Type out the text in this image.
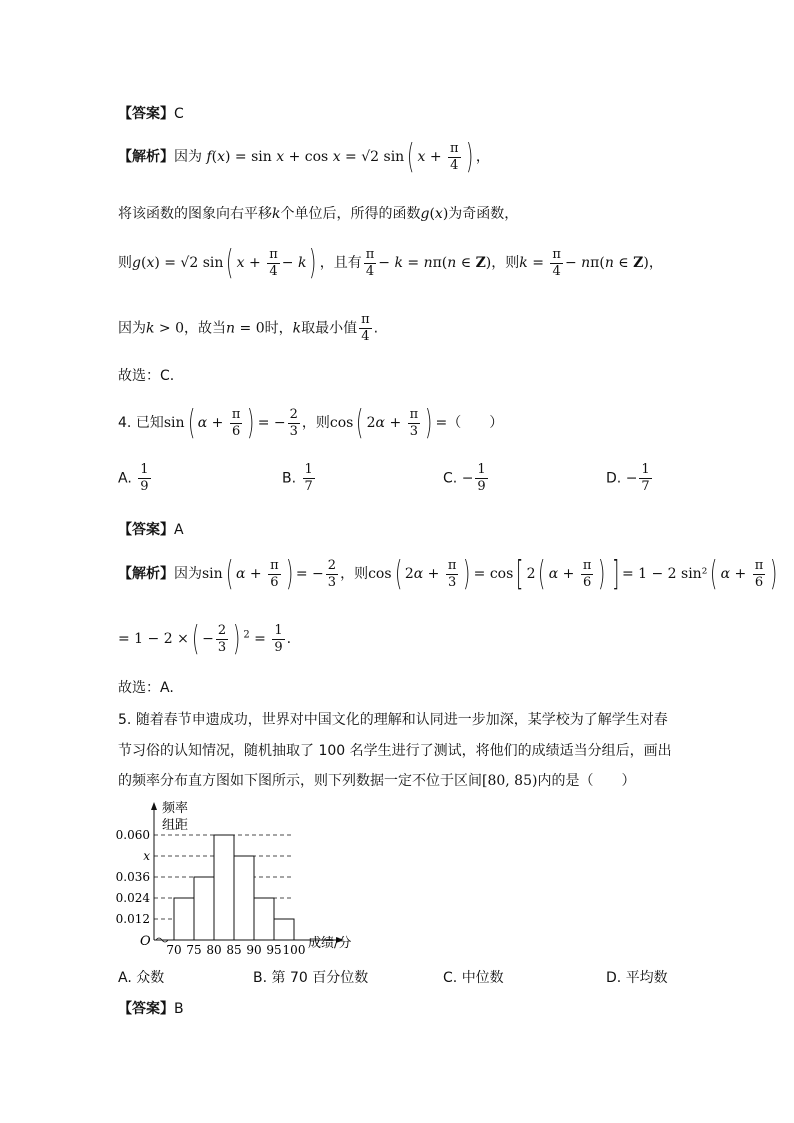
【答案】C
【解析】因为 f(x) = sin x + cos x = √2 sin( $x + \frac{\pi}{4}$ ) ，
将该函数的图象向右平移k个单位后，所得的函数g(x)为奇函数，
则g(x) = √2 sin( $x + \frac{\pi}{4} - k$) ，且有 $\frac{\pi}{4} - k = n\pi(n$ ∈ Z)，则$k = \frac{\pi}{4} - n\pi(n$ ∈ Z)，
因为k > 0，故当n = 0时，k取最小值 $\frac{\pi}{4}$ .
故选：C.
4. 已知sin( $\alpha + \frac{\pi}{6}$ ) = − $\frac{2}{3}$ ，则cos( $2\alpha + \frac{\pi}{3}$ ) =（　　）
A. $\frac{1}{9}$	B. $\frac{1}{7}$	C. − $\frac{1}{9}$	D. − $\frac{1}{7}$
【答案】A
【解析】因为sin( $\alpha + \frac{\pi}{6}$ ) = − $\frac{2}{3}$ ，则cos( $2\alpha + \frac{\pi}{3}$ ) = cos[ 2( $\alpha + \frac{\pi}{6}$ ) ] = 1 − 2 sin²( $\alpha + \frac{\pi}{6}$ )
= 1 − 2 ×( − $\frac{2}{3}$ ) $^2 = \frac{1}{9}$ .
故选：A.
5. 随着春节申遗成功，世界对中国文化的理解和认同进一步加深，某学校为了解学生对春
节习俗的认知情况，随机抽取了 100 名学生进行了测试，将他们的成绩适当分组后，画出
的频率分布直方图如下图所示，则下列数据一定不位于区间[80, 85)内的是（　　）
频率
组距
O	成绩/分
0.060
x
0.036
0.024
0.012
70 75 80 85 90 95 100
A. 众数	B. 第 70 百分位数	C. 中位数	D. 平均数
【答案】B
